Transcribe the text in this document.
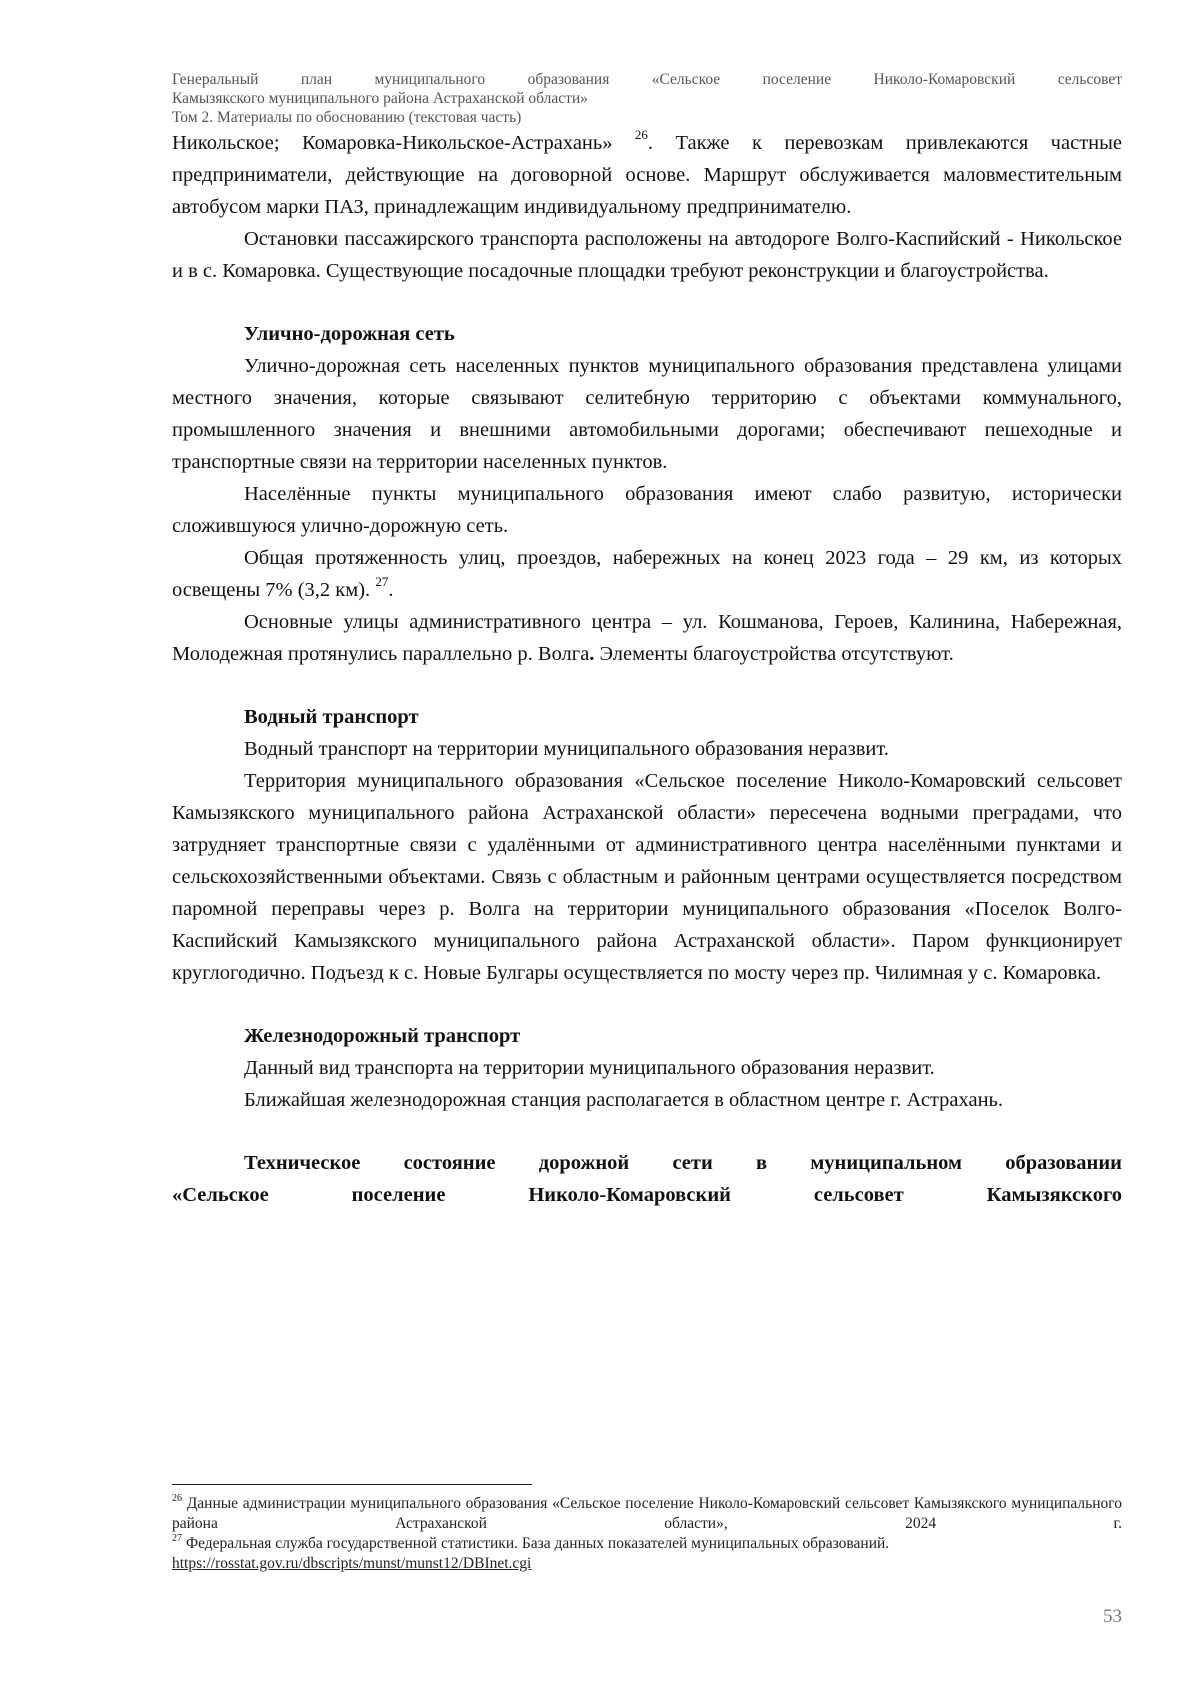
Генеральный план муниципального образования «Сельское поселение Николо-Комаровский сельсовет
Камызякского муниципального района Астраханской области»
Том 2. Материалы по обоснованию (текстовая часть)

Никольское; Комаровка-Никольское-Астрахань» $^{26}$. Также к перевозкам привлекаются частные предприниматели, действующие на договорной основе. Маршрут обслуживается маловместительным автобусом марки ПАЗ, принадлежащим индивидуальному предпринимателю.

Остановки пассажирского транспорта расположены на автодороге Волго-Каспийский - Никольское и в с. Комаровка. Существующие посадочные площадки требуют реконструкции и благоустройства.

Улично-дорожная сеть

Улично-дорожная сеть населенных пунктов муниципального образования представлена улицами местного значения, которые связывают селитебную территорию с объектами коммунального, промышленного значения и внешними автомобильными дорогами; обеспечивают пешеходные и транспортные связи на территории населенных пунктов.

Населённые пункты муниципального образования имеют слабо развитую, исторически сложившуюся улично-дорожную сеть.

Общая протяженность улиц, проездов, набережных на конец 2023 года – 29 км, из которых освещены 7% (3,2 км). $^{27}$.

Основные улицы административного центра – ул. Кошманова, Героев, Калинина, Набережная, Молодежная протянулись параллельно р. Волга. Элементы благоустройства отсутствуют.

Водный транспорт

Водный транспорт на территории муниципального образования неразвит.

Территория муниципального образования «Сельское поселение Николо-Комаровский сельсовет Камызякского муниципального района Астраханской области» пересечена водными преградами, что затрудняет транспортные связи с удалёнными от административного центра населёнными пунктами и сельскохозяйственными объектами. Связь с областным и районным центрами осуществляется посредством паромной переправы через р. Волга на территории муниципального образования «Поселок Волго-Каспийский Камызякского муниципального района Астраханской области». Паром функционирует круглогодично. Подъезд к с. Новые Булгары осуществляется по мосту через пр. Чилимная у с. Комаровка.

Железнодорожный транспорт

Данный вид транспорта на территории муниципального образования неразвит.

Ближайшая железнодорожная станция располагается в областном центре г. Астрахань.

Техническое состояние дорожной сети в муниципальном образовании

«Сельское поселение Николо-Комаровский сельсовет Камызякского

$^{26}$ Данные администрации муниципального образования «Сельское поселение Николо-Комаровский сельсовет Камызякского муниципального района Астраханской области», 2024 г.

$^{27}$ Федеральная служба государственной статистики. База данных показателей муниципальных образований.
https://rosstat.gov.ru/dbscripts/munst/munst12/DBInet.cgi

53
